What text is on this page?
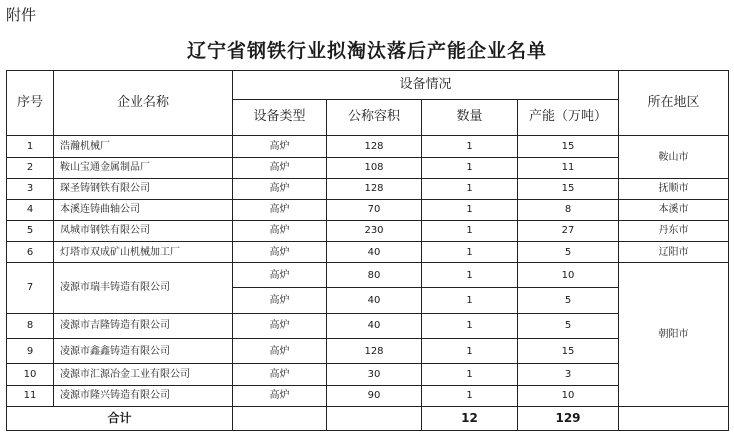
附件
辽宁省钢铁行业拟淘汰落后产能企业名单
序号	企业名称	设备情况				所在地区
		设备类型	公称容积	数量	产能（万吨）	
1	浩瀚机械厂	高炉	128	1	15	鞍山市
2	鞍山宝通金属制品厂	高炉	108	1	11	
3	琛圣铸钢铁有限公司	高炉	128	1	15	抚顺市
4	本溪连铸曲轴公司	高炉	70	1	8	本溪市
5	凤城市钢铁有限公司	高炉	230	1	27	丹东市
6	灯塔市双成矿山机械加工厂	高炉	40	1	5	辽阳市
7	凌源市瑞丰铸造有限公司	高炉	80	1	10	朝阳市
		高炉	40	1	5	
8	凌源市吉隆铸造有限公司	高炉	40	1	5	
9	凌源市鑫鑫铸造有限公司	高炉	128	1	15	
10	凌源市汇源冶金工业有限公司	高炉	30	1	3	
11	凌源市隆兴铸造有限公司	高炉	90	1	10	
合计				12	129	
